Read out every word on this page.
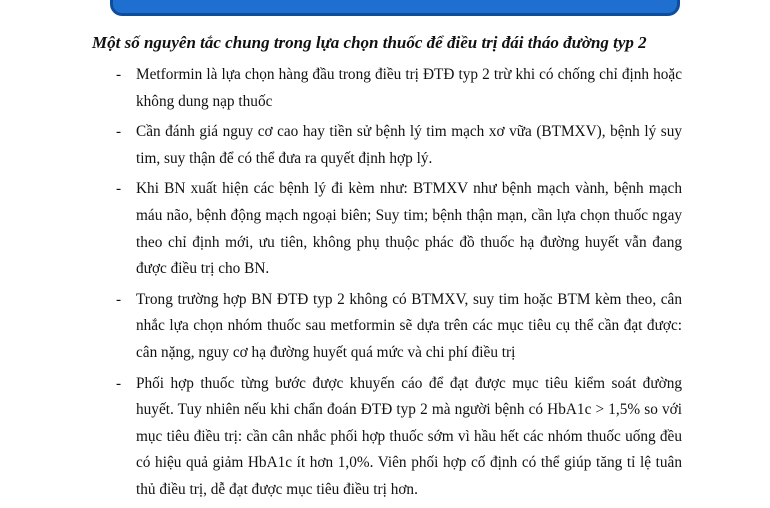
Một số nguyên tắc chung trong lựa chọn thuốc để điều trị đái tháo đường typ 2

- Metformin là lựa chọn hàng đầu trong điều trị ĐTĐ typ 2 trừ khi có chống chỉ định hoặc không dung nạp thuốc
- Cần đánh giá nguy cơ cao hay tiền sử bệnh lý tim mạch xơ vữa (BTMXV), bệnh lý suy tim, suy thận để có thể đưa ra quyết định hợp lý.
- Khi BN xuất hiện các bệnh lý đi kèm như: BTMXV như bệnh mạch vành, bệnh mạch máu não, bệnh động mạch ngoại biên; Suy tim; bệnh thận mạn, cần lựa chọn thuốc ngay theo chỉ định mới, ưu tiên, không phụ thuộc phác đồ thuốc hạ đường huyết vẫn đang được điều trị cho BN.
- Trong trường hợp BN ĐTĐ typ 2 không có BTMXV, suy tim hoặc BTM kèm theo, cân nhắc lựa chọn nhóm thuốc sau metformin sẽ dựa trên các mục tiêu cụ thể cần đạt được: cân nặng, nguy cơ hạ đường huyết quá mức và chi phí điều trị
- Phối hợp thuốc từng bước được khuyến cáo để đạt được mục tiêu kiểm soát đường huyết. Tuy nhiên nếu khi chẩn đoán ĐTĐ typ 2 mà người bệnh có HbA1c > 1,5% so với mục tiêu điều trị: cần cân nhắc phối hợp thuốc sớm vì hầu hết các nhóm thuốc uống đều có hiệu quả giảm HbA1c ít hơn 1,0%. Viên phối hợp cố định có thể giúp tăng tỉ lệ tuân thủ điều trị, dễ đạt được mục tiêu điều trị hơn.
